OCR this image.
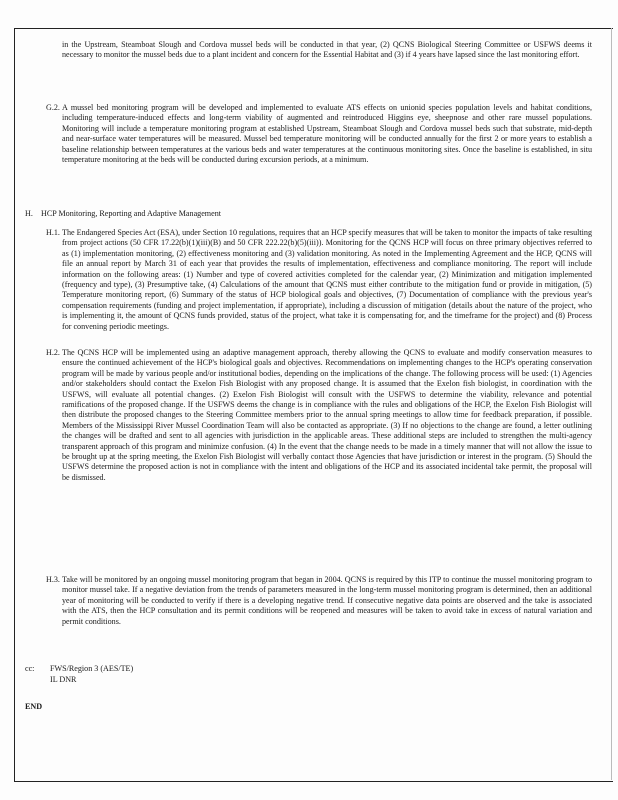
in the Upstream, Steamboat Slough and Cordova mussel beds will be conducted in that year, (2) QCNS Biological Steering Committee or USFWS deems it necessary to monitor the mussel beds due to a plant incident and concern for the Essential Habitat and (3) if 4 years have lapsed since the last monitoring effort.

G.2. A mussel bed monitoring program will be developed and implemented to evaluate ATS effects on unionid species population levels and habitat conditions, including temperature-induced effects and long-term viability of augmented and reintroduced Higgins eye, sheepnose and other rare mussel populations. Monitoring will include a temperature monitoring program at established Upstream, Steamboat Slough and Cordova mussel beds such that substrate, mid-depth and near-surface water temperatures will be measured. Mussel bed temperature monitoring will be conducted annually for the first 2 or more years to establish a baseline relationship between temperatures at the various beds and water temperatures at the continuous monitoring sites. Once the baseline is established, in situ temperature monitoring at the beds will be conducted during excursion periods, at a minimum.

H. HCP Monitoring, Reporting and Adaptive Management

H.1. The Endangered Species Act (ESA), under Section 10 regulations, requires that an HCP specify measures that will be taken to monitor the impacts of take resulting from project actions (50 CFR 17.22(b)(1)(iii)(B) and 50 CFR 222.22(b)(5)(iii)). Monitoring for the QCNS HCP will focus on three primary objectives referred to as (1) implementation monitoring, (2) effectiveness monitoring and (3) validation monitoring. As noted in the Implementing Agreement and the HCP, QCNS will file an annual report by March 31 of each year that provides the results of implementation, effectiveness and compliance monitoring. The report will include information on the following areas: (1) Number and type of covered activities completed for the calendar year, (2) Minimization and mitigation implemented (frequency and type), (3) Presumptive take, (4) Calculations of the amount that QCNS must either contribute to the mitigation fund or provide in mitigation, (5) Temperature monitoring report, (6) Summary of the status of HCP biological goals and objectives, (7) Documentation of compliance with the previous year's compensation requirements (funding and project implementation, if appropriate), including a discussion of mitigation (details about the nature of the project, who is implementing it, the amount of QCNS funds provided, status of the project, what take it is compensating for, and the timeframe for the project) and (8) Process for convening periodic meetings.

H.2. The QCNS HCP will be implemented using an adaptive management approach, thereby allowing the QCNS to evaluate and modify conservation measures to ensure the continued achievement of the HCP's biological goals and objectives. Recommendations on implementing changes to the HCP's operating conservation program will be made by various people and/or institutional bodies, depending on the implications of the change. The following process will be used: (1) Agencies and/or stakeholders should contact the Exelon Fish Biologist with any proposed change. It is assumed that the Exelon fish biologist, in coordination with the USFWS, will evaluate all potential changes. (2) Exelon Fish Biologist will consult with the USFWS to determine the viability, relevance and potential ramifications of the proposed change. If the USFWS deems the change is in compliance with the rules and obligations of the HCP, the Exelon Fish Biologist will then distribute the proposed changes to the Steering Committee members prior to the annual spring meetings to allow time for feedback preparation, if possible. Members of the Mississippi River Mussel Coordination Team will also be contacted as appropriate. (3) If no objections to the change are found, a letter outlining the changes will be drafted and sent to all agencies with jurisdiction in the applicable areas. These additional steps are included to strengthen the multi-agency transparent approach of this program and minimize confusion. (4) In the event that the change needs to be made in a timely manner that will not allow the issue to be brought up at the spring meeting, the Exelon Fish Biologist will verbally contact those Agencies that have jurisdiction or interest in the program. (5) Should the USFWS determine the proposed action is not in compliance with the intent and obligations of the HCP and its associated incidental take permit, the proposal will be dismissed.

H.3. Take will be monitored by an ongoing mussel monitoring program that began in 2004. QCNS is required by this ITP to continue the mussel monitoring program to monitor mussel take. If a negative deviation from the trends of parameters measured in the long-term mussel monitoring program is determined, then an additional year of monitoring will be conducted to verify if there is a developing negative trend. If consecutive negative data points are observed and the take is associated with the ATS, then the HCP consultation and its permit conditions will be reopened and measures will be taken to avoid take in excess of natural variation and permit conditions.

cc: FWS/Region 3 (AES/TE)

IL DNR

END
